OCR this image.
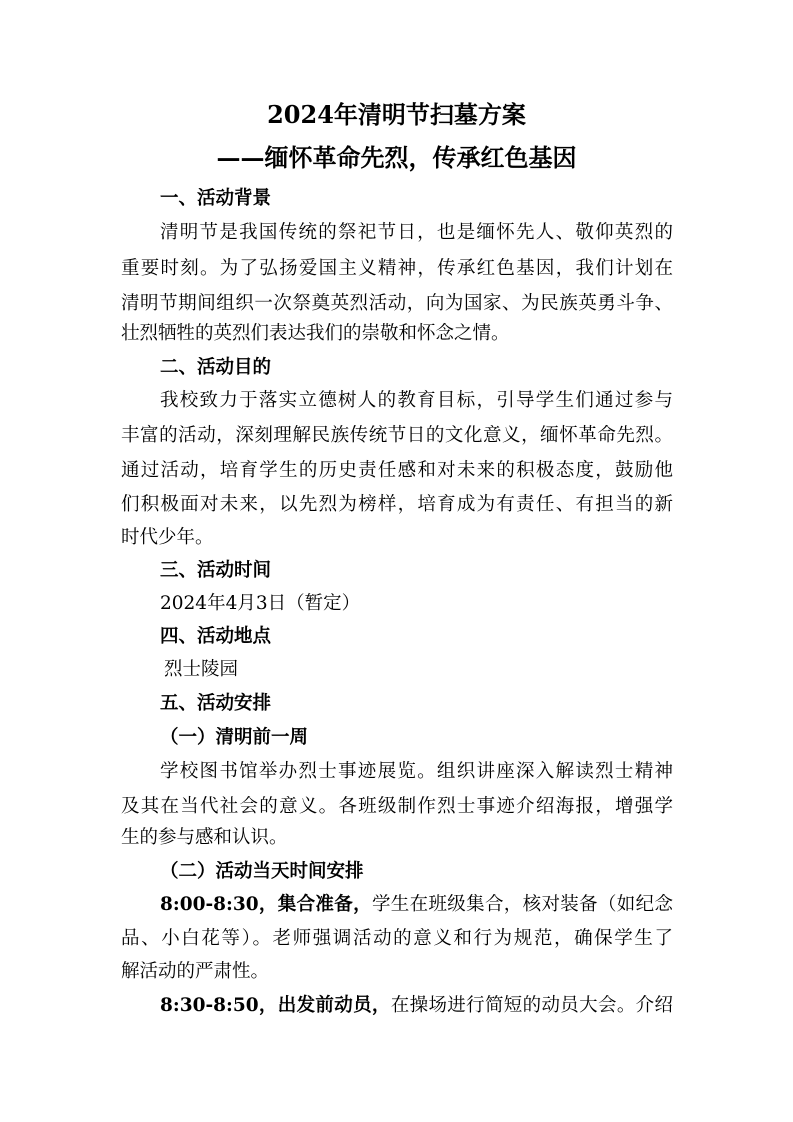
2024年清明节扫墓方案
——缅怀革命先烈，传承红色基因
一、活动背景
清明节是我国传统的祭祀节日，也是缅怀先人、敬仰英烈的
重要时刻。为了弘扬爱国主义精神，传承红色基因，我们计划在
清明节期间组织一次祭奠英烈活动，向为国家、为民族英勇斗争、
壮烈牺牲的英烈们表达我们的崇敬和怀念之情。
二、活动目的
我校致力于落实立德树人的教育目标，引导学生们通过参与
丰富的活动，深刻理解民族传统节日的文化意义，缅怀革命先烈。
通过活动，培育学生的历史责任感和对未来的积极态度，鼓励他
们积极面对未来，以先烈为榜样，培育成为有责任、有担当的新
时代少年。
三、活动时间
2024年4月3日（暂定）
四、活动地点
烈士陵园
五、活动安排
（一）清明前一周
学校图书馆举办烈士事迹展览。组织讲座深入解读烈士精神
及其在当代社会的意义。各班级制作烈士事迹介绍海报，增强学
生的参与感和认识。
（二）活动当天时间安排
8:00-8:30，集合准备，学生在班级集合，核对装备（如纪念
品、小白花等）。老师强调活动的意义和行为规范，确保学生了
解活动的严肃性。
8:30-8:50，出发前动员，在操场进行简短的动员大会。介绍
